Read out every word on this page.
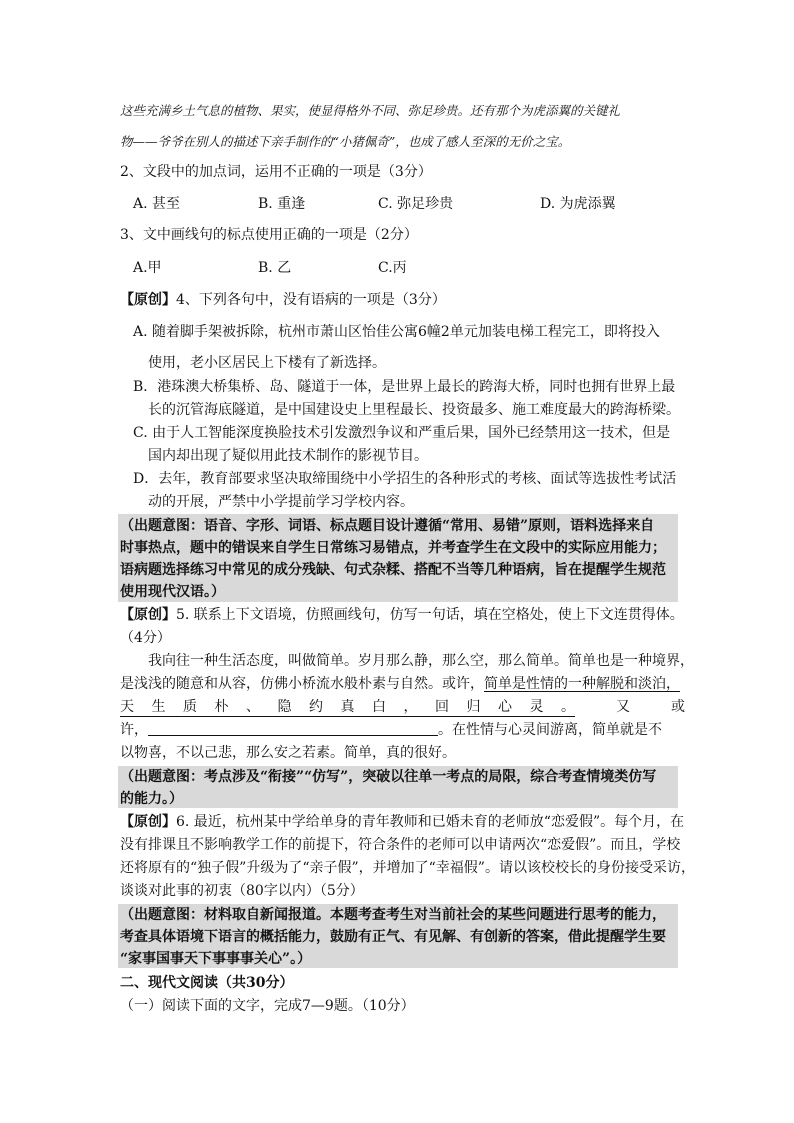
这些充满乡土气息的植物、果实，使显得格外不同、弥足珍贵。还有那个为虎添翼的关键礼
物——爷爷在别人的描述下亲手制作的“小猪佩奇”，也成了感人至深的无价之宝。
2、文段中的加点词，运用不正确的一项是（3分）
A. 甚至	B. 重逢	C. 弥足珍贵	D. 为虎添翼
3、文中画线句的标点使用正确的一项是（2分）
A.甲	B. 乙	C.丙
【原创】4、下列各句中，没有语病的一项是（3分）
A. 随着脚手架被拆除，杭州市萧山区怡佳公寓6幢2单元加装电梯工程完工，即将投入
使用，老小区居民上下楼有了新选择。
B．港珠澳大桥集桥、岛、隧道于一体，是世界上最长的跨海大桥，同时也拥有世界上最
长的沉管海底隧道，是中国建设史上里程最长、投资最多、施工难度最大的跨海桥梁。
C. 由于人工智能深度换脸技术引发激烈争议和严重后果，国外已经禁用这一技术，但是
国内却出现了疑似用此技术制作的影视节目。
D．去年，教育部要求坚决取缔围绕中小学招生的各种形式的考核、面试等选拔性考试活
动的开展，严禁中小学提前学习学校内容。
（出题意图：语音、字形、词语、标点题目设计遵循“常用、易错”原则，语料选择来自
时事热点，题中的错误来自学生日常练习易错点，并考查学生在文段中的实际应用能力；
语病题选择练习中常见的成分残缺、句式杂糅、搭配不当等几种语病，旨在提醒学生规范
使用现代汉语。）
【原创】5. 联系上下文语境，仿照画线句，仿写一句话，填在空格处，使上下文连贯得体。
（4分）
我向往一种生活态度，叫做简单。岁月那么静，那么空，那么简单。简单也是一种境界，
是浅浅的随意和从容，仿佛小桥流水般朴素与自然。或许，简单是性情的一种解脱和淡泊，
天 生 质 朴 、 隐 约 真 白 ， 回 归 心 灵 。	又	或
许，	。在性情与心灵间游离，简单就是不
以物喜，不以己悲，那么安之若素。简单，真的很好。
（出题意图：考点涉及“衔接”“仿写”，突破以往单一考点的局限，综合考查情境类仿写
的能力。）
【原创】6. 最近，杭州某中学给单身的青年教师和已婚未育的老师放“恋爱假”。每个月，在
没有排课且不影响教学工作的前提下，符合条件的老师可以申请两次“恋爱假”。而且，学校
还将原有的“独子假”升级为了“亲子假”，并增加了“幸福假”。请以该校校长的身份接受采访，
谈谈对此事的初衷（80字以内）（5分）
（出题意图：材料取自新闻报道。本题考查考生对当前社会的某些问题进行思考的能力，
考查具体语境下语言的概括能力，鼓励有正气、有见解、有创新的答案，借此提醒学生要
“家事国事天下事事事关心”。）
二、现代文阅读（共30分）
（一）阅读下面的文字，完成7—9题。（10分）
